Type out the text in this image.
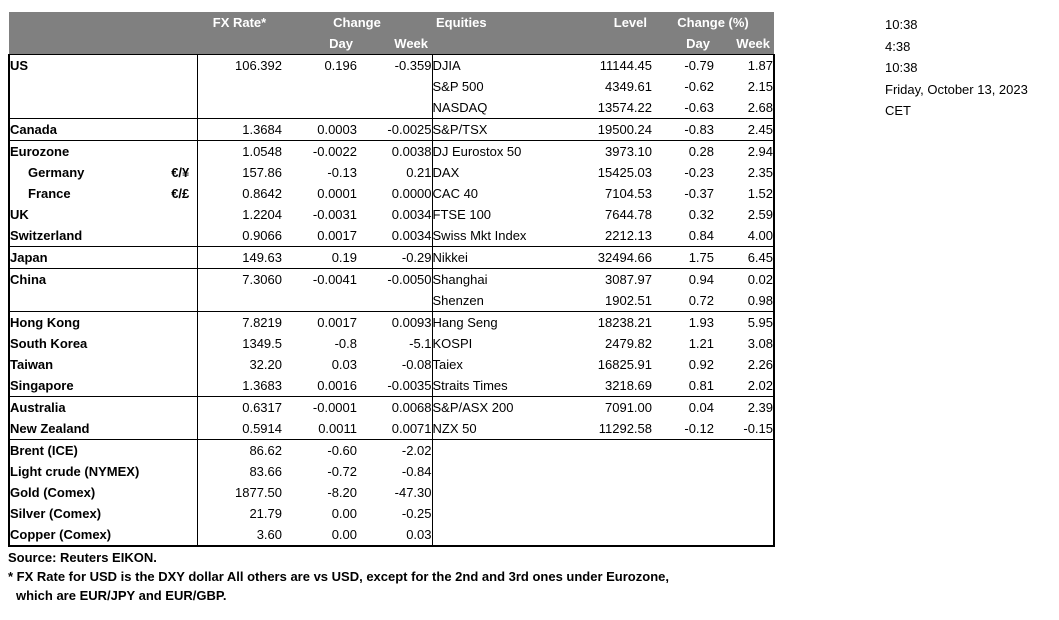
		FX Rate*	Change		Equities	Level	Change (%)	
			Day	Week			Day	Week
US		106.392	0.196	-0.359	DJIA	11144.45	-0.79	1.87
					S&P 500	4349.61	-0.62	2.15
					NASDAQ	13574.22	-0.63	2.68
Canada		1.3684	0.0003	-0.0025	S&P/TSX	19500.24	-0.83	2.45
Eurozone		1.0548	-0.0022	0.0038	DJ Eurostox 50	3973.10	0.28	2.94
Germany	€/¥	157.86	-0.13	0.21	DAX	15425.03	-0.23	2.35
France	€/£	0.8642	0.0001	0.0000	CAC 40	7104.53	-0.37	1.52
UK		1.2204	-0.0031	0.0034	FTSE 100	7644.78	0.32	2.59
Switzerland		0.9066	0.0017	0.0034	Swiss Mkt Index	2212.13	0.84	4.00
Japan		149.63	0.19	-0.29	Nikkei	32494.66	1.75	6.45
China		7.3060	-0.0041	-0.0050	Shanghai	3087.97	0.94	0.02
					Shenzen	1902.51	0.72	0.98
Hong Kong		7.8219	0.0017	0.0093	Hang Seng	18238.21	1.93	5.95
South Korea		1349.5	-0.8	-5.1	KOSPI	2479.82	1.21	3.08
Taiwan		32.20	0.03	-0.08	Taiex	16825.91	0.92	2.26
Singapore		1.3683	0.0016	-0.0035	Straits Times	3218.69	0.81	2.02
Australia		0.6317	-0.0001	0.0068	S&P/ASX 200	7091.00	0.04	2.39
New Zealand		0.5914	0.0011	0.0071	NZX 50	11292.58	-0.12	-0.15
Brent (ICE)		86.62	-0.60	-2.02				
Light crude (NYMEX)		83.66	-0.72	-0.84				
Gold (Comex)		1877.50	-8.20	-47.30				
Silver (Comex)		21.79	0.00	-0.25				
Copper (Comex)		3.60	0.00	0.03				
Source: Reuters EIKON.
* FX Rate for USD is the DXY dollar All others are vs USD, except for the 2nd and 3rd ones under Eurozone,
which are EUR/JPY and EUR/GBP.
10:38
4:38
10:38
Friday, October 13, 2023
CET
